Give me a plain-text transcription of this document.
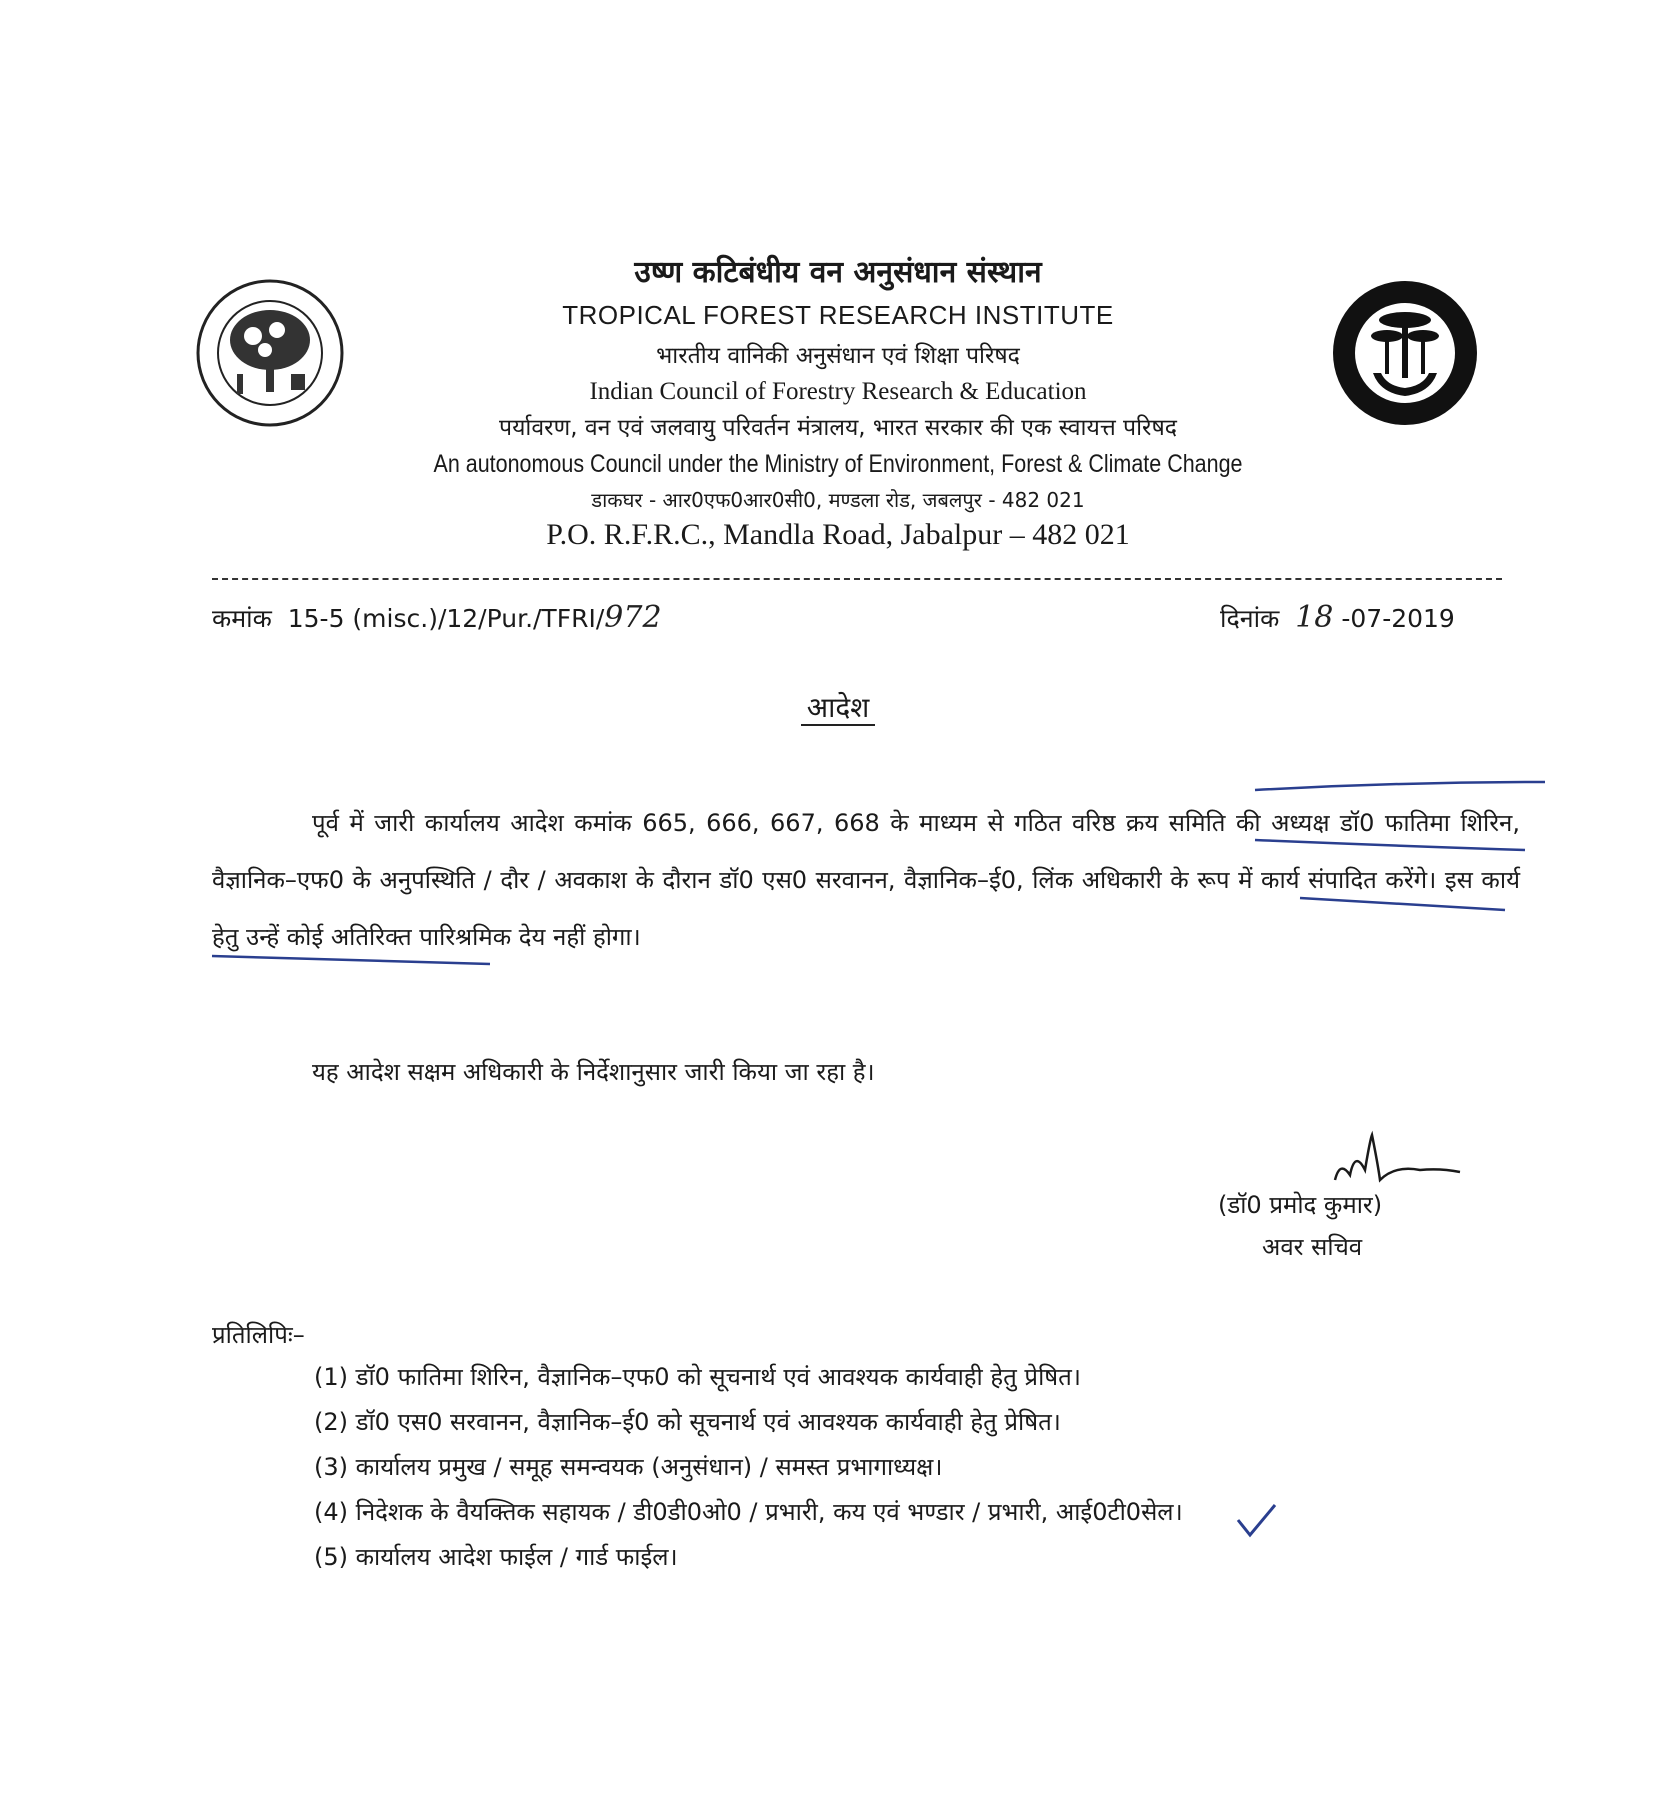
उष्ण कटिबंधीय वन अनुसंधान संस्थान
TROPICAL FOREST RESEARCH INSTITUTE
भारतीय वानिकी अनुसंधान एवं शिक्षा परिषद
Indian Council of Forestry Research & Education
पर्यावरण, वन एवं जलवायु परिवर्तन मंत्रालय, भारत सरकार की एक स्वायत्त परिषद
An autonomous Council under the Ministry of Environment, Forest & Climate Change
डाकघर - आर0एफ0आर0सी0, मण्डला रोड, जबलपुर - 482 021
P.O. R.F.R.C., Mandla Road, Jabalpur – 482 021
कमांक 15-5 (misc.)/12/Pur./TFRI/972	दिनांक 18 -07-2019
आदेश

पूर्व में जारी कार्यालय आदेश कमांक 665, 666, 667, 668 के माध्यम से गठित वरिष्ठ क्रय समिति की अध्यक्ष डॉ0 फातिमा शिरिन, वैज्ञानिक–एफ0 के अनुपस्थिति / दौर / अवकाश के दौरान डॉ0 एस0 सरवानन, वैज्ञानिक–ई0, लिंक अधिकारी के रूप में कार्य संपादित करेंगे। इस कार्य हेतु उन्हें कोई अतिरिक्त पारिश्रमिक देय नहीं होगा।

यह आदेश सक्षम अधिकारी के निर्देशानुसार जारी किया जा रहा है।
(डॉ0 प्रमोद कुमार)
अवर सचिव
प्रतिलिपिः–
(1) डॉ0 फातिमा शिरिन, वैज्ञानिक–एफ0 को सूचनार्थ एवं आवश्यक कार्यवाही हेतु प्रेषित।
(2) डॉ0 एस0 सरवानन, वैज्ञानिक–ई0 को सूचनार्थ एवं आवश्यक कार्यवाही हेतु प्रेषित।
(3) कार्यालय प्रमुख / समूह समन्वयक (अनुसंधान) / समस्त प्रभागाध्यक्ष।
(4) निदेशक के वैयक्तिक सहायक / डी0डी0ओ0 / प्रभारी, कय एवं भण्डार / प्रभारी, आई0टी0सेल।
(5) कार्यालय आदेश फाईल / गार्ड फाईल।
